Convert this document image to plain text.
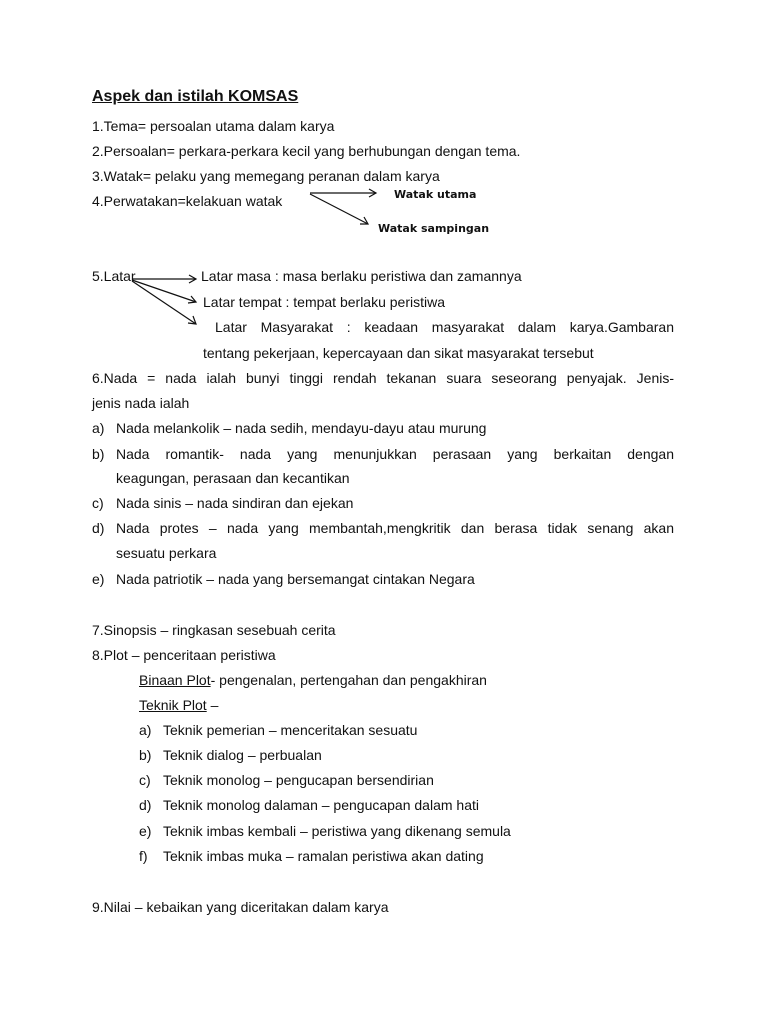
Aspek dan istilah KOMSAS
1.Tema= persoalan utama dalam karya
2.Persoalan= perkara-perkara kecil yang berhubungan dengan tema.
3.Watak= pelaku yang memegang peranan dalam karya
4.Perwatakan=kelakuan watak	Watak utama
Watak sampingan
5.Latar	Latar masa : masa berlaku peristiwa dan zamannya
Latar tempat : tempat berlaku peristiwa
Latar Masyarakat : keadaan masyarakat dalam karya.Gambaran
tentang pekerjaan, kepercayaan dan sikat masyarakat tersebut
6.Nada = nada ialah bunyi tinggi rendah tekanan suara seseorang penyajak. Jenis-
jenis nada ialah
a) Nada melankolik – nada sedih, mendayu-dayu atau murung
b) Nada romantik- nada yang menunjukkan perasaan yang berkaitan dengan
keagungan, perasaan dan kecantikan
c) Nada sinis – nada sindiran dan ejekan
d) Nada protes – nada yang membantah,mengkritik dan berasa tidak senang akan
sesuatu perkara
e) Nada patriotik – nada yang bersemangat cintakan Negara
7.Sinopsis – ringkasan sesebuah cerita
8.Plot – penceritaan peristiwa
Binaan Plot- pengenalan, pertengahan dan pengakhiran
Teknik Plot –
a) Teknik pemerian – menceritakan sesuatu
b) Teknik dialog – perbualan
c) Teknik monolog – pengucapan bersendirian
d) Teknik monolog dalaman – pengucapan dalam hati
e) Teknik imbas kembali – peristiwa yang dikenang semula
f) Teknik imbas muka – ramalan peristiwa akan dating
9.Nilai – kebaikan yang diceritakan dalam karya
